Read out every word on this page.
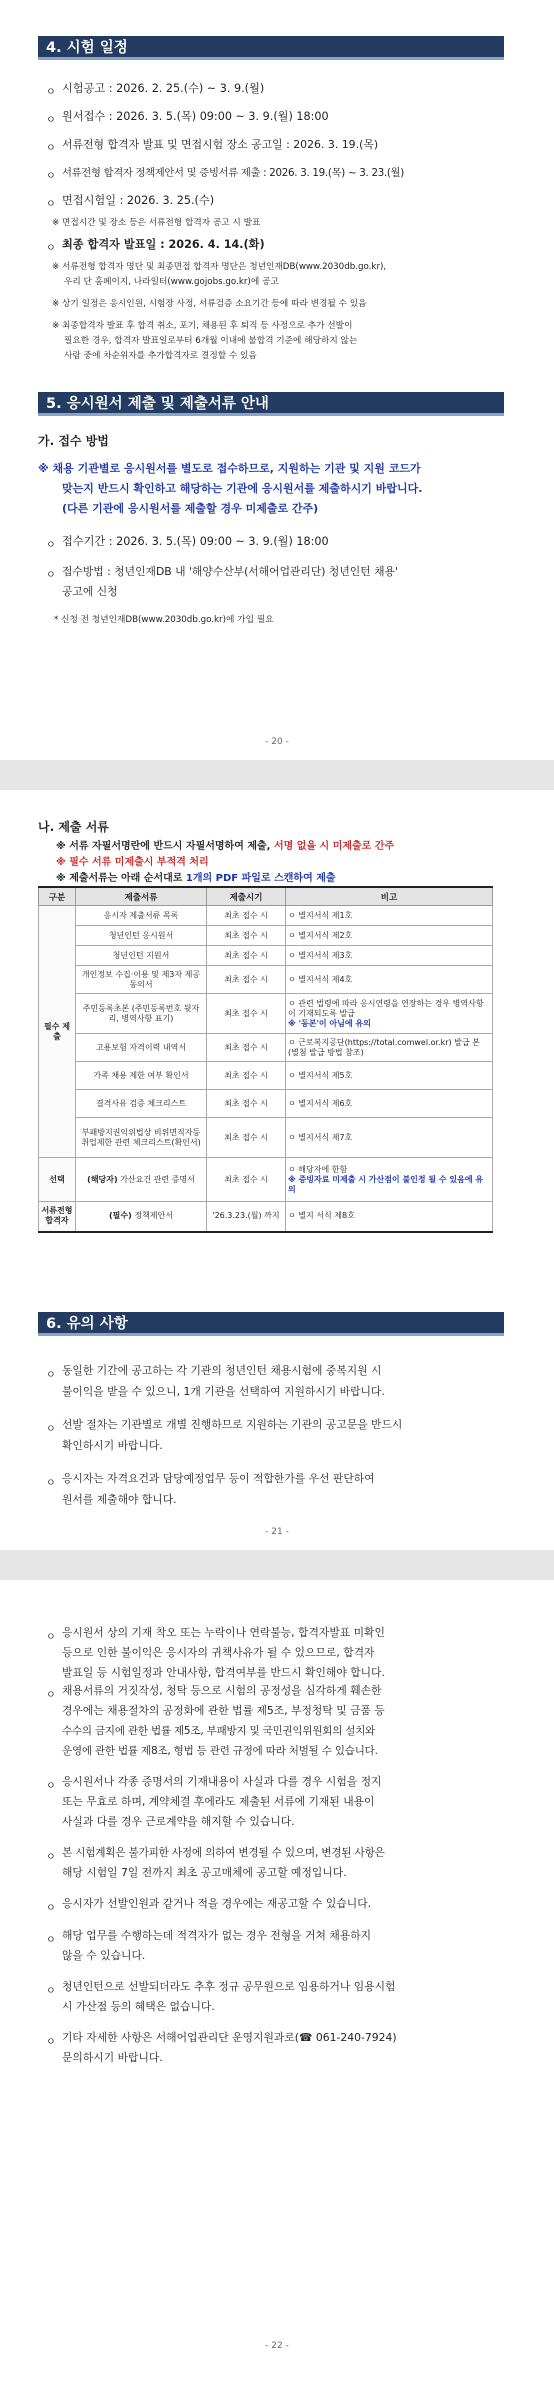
4. 시험 일정
ㅇ 시험공고 : 2026. 2. 25.(수) ~ 3. 9.(월)
ㅇ 원서접수 : 2026. 3. 5.(목) 09:00 ~ 3. 9.(월) 18:00
ㅇ 서류전형 합격자 발표 및 면접시험 장소 공고일 : 2026. 3. 19.(목)
ㅇ 서류전형 합격자 정책제안서 및 증빙서류 제출 : 2026. 3. 19.(목) ~ 3. 23.(월)
ㅇ 면접시험일 : 2026. 3. 25.(수)
※ 면접시간 및 장소 등은 서류전형 합격자 공고 시 발표
ㅇ 최종 합격자 발표일 : 2026. 4. 14.(화)
※ 서류전형 합격자 명단 및 최종면접 합격자 명단은 청년인재DB(www.2030db.go.kr),
우리 단 홈페이지, 나라일터(www.gojobs.go.kr)에 공고
※ 상기 일정은 응시인원, 시험장 사정, 서류검증 소요기간 등에 따라 변경될 수 있음
※ 최종합격자 발표 후 합격 취소, 포기, 채용된 후 퇴직 등 사정으로 추가 선발이
필요한 경우, 합격자 발표일로부터 6개월 이내에 불합격 기준에 해당하지 않는
사람 중에 차순위자를 추가합격자로 결정할 수 있음
5. 응시원서 제출 및 제출서류 안내
가. 접수 방법
※ 채용 기관별로 응시원서를 별도로 접수하므로, 지원하는 기관 및 지원 코드가
맞는지 반드시 확인하고 해당하는 기관에 응시원서를 제출하시기 바랍니다.
(다른 기관에 응시원서를 제출할 경우 미제출로 간주)
ㅇ 접수기간 : 2026. 3. 5.(목) 09:00 ~ 3. 9.(월) 18:00
ㅇ 접수방법 : 청년인재DB 내 '해양수산부(서해어업관리단) 청년인턴 채용'
공고에 신청
* 신청 전 청년인재DB(www.2030db.go.kr)에 가입 필요
- 20 -
나. 제출 서류
※ 서류 자필서명란에 반드시 자필서명하여 제출, 서명 없을 시 미제출로 간주
※ 필수 서류 미제출시 부적격 처리
※ 제출서류는 아래 순서대로 1개의 PDF 파일로 스캔하여 제출
구분	제출서류	제출시기	비고
필수 제출	응시자 제출서류 목록	최초 접수 시	ㅇ 별지서식 제1호
	청년인턴 응시원서	최초 접수 시	ㅇ 별지서식 제2호
	청년인턴 지원서	최초 접수 시	ㅇ 별지서식 제3호
	개인정보 수집·이용 및 제3자 제공 동의서	최초 접수 시	ㅇ 별지서식 제4호
	주민등록초본 (주민등록번호 뒷자리, 병역사항 표기)	최초 접수 시	ㅇ 관련 법령에 따라 응시연령을 연장하는 경우 병역사항이 기재되도록 발급
※ '동본'이 아님에 유의

	고용보험 자격이력 내역서	최초 접수 시	ㅇ 근로복지공단(https://total.comwel.or.kr) 발급 본 (별첨 발급 방법 참조)
	가족 채용 제한 여부 확인서	최초 접수 시	ㅇ 별지서식 제5호
	결격사유 검증 체크리스트	최초 접수 시	ㅇ 별지서식 제6호
	부패방지권익위법상 비위면직자등 취업제한 관련 체크리스트(확인서)	최초 접수 시	ㅇ 별지서식 제7호
선택	(해당자) 가산요건 관련 증명서	최초 접수 시	ㅇ 해당자에 한함
※ 증빙자료 미제출 시 가산점이 불인정 될 수 있음에 유의

서류전형 합격자	(필수) 정책제안서	'26.3.23.(월) 까지	ㅇ 별지 서식 제8호
6. 유의 사항
ㅇ 동일한 기간에 공고하는 각 기관의 청년인턴 채용시험에 중복지원 시
불이익을 받을 수 있으니, 1개 기관을 선택하여 지원하시기 바랍니다.
ㅇ 선발 절차는 기관별로 개별 진행하므로 지원하는 기관의 공고문을 반드시
확인하시기 바랍니다.
ㅇ 응시자는 자격요건과 담당예정업무 등이 적합한가를 우선 판단하여
원서를 제출해야 합니다.
- 21 -
ㅇ 응시원서 상의 기재 착오 또는 누락이나 연락불능, 합격자발표 미확인
등으로 인한 불이익은 응시자의 귀책사유가 될 수 있으므로, 합격자
발표일 등 시험일정과 안내사항, 합격여부를 반드시 확인해야 합니다.
ㅇ 채용서류의 거짓작성, 청탁 등으로 시험의 공정성을 심각하게 훼손한
경우에는 채용절차의 공정화에 관한 법률 제5조, 부정청탁 및 금품 등
수수의 금지에 관한 법률 제5조, 부패방지 및 국민권익위원회의 설치와
운영에 관한 법률 제8조, 형법 등 관련 규정에 따라 처벌될 수 있습니다.
ㅇ 응시원서나 각종 증명서의 기재내용이 사실과 다를 경우 시험을 정지
또는 무효로 하며, 계약체결 후에라도 제출된 서류에 기재된 내용이
사실과 다를 경우 근로계약을 해지할 수 있습니다.
ㅇ 본 시험계획은 불가피한 사정에 의하여 변경될 수 있으며, 변경된 사항은
해당 시험일 7일 전까지 최초 공고매체에 공고할 예정입니다.
ㅇ 응시자가 선발인원과 같거나 적을 경우에는 재공고할 수 있습니다.
ㅇ 해당 업무를 수행하는데 적격자가 없는 경우 전형을 거쳐 채용하지
않을 수 있습니다.
ㅇ 청년인턴으로 선발되더라도 추후 정규 공무원으로 임용하거나 임용시험
시 가산점 등의 혜택은 없습니다.
ㅇ 기타 자세한 사항은 서해어업관리단 운영지원과로(☎ 061-240-7924)
문의하시기 바랍니다.
- 22 -
